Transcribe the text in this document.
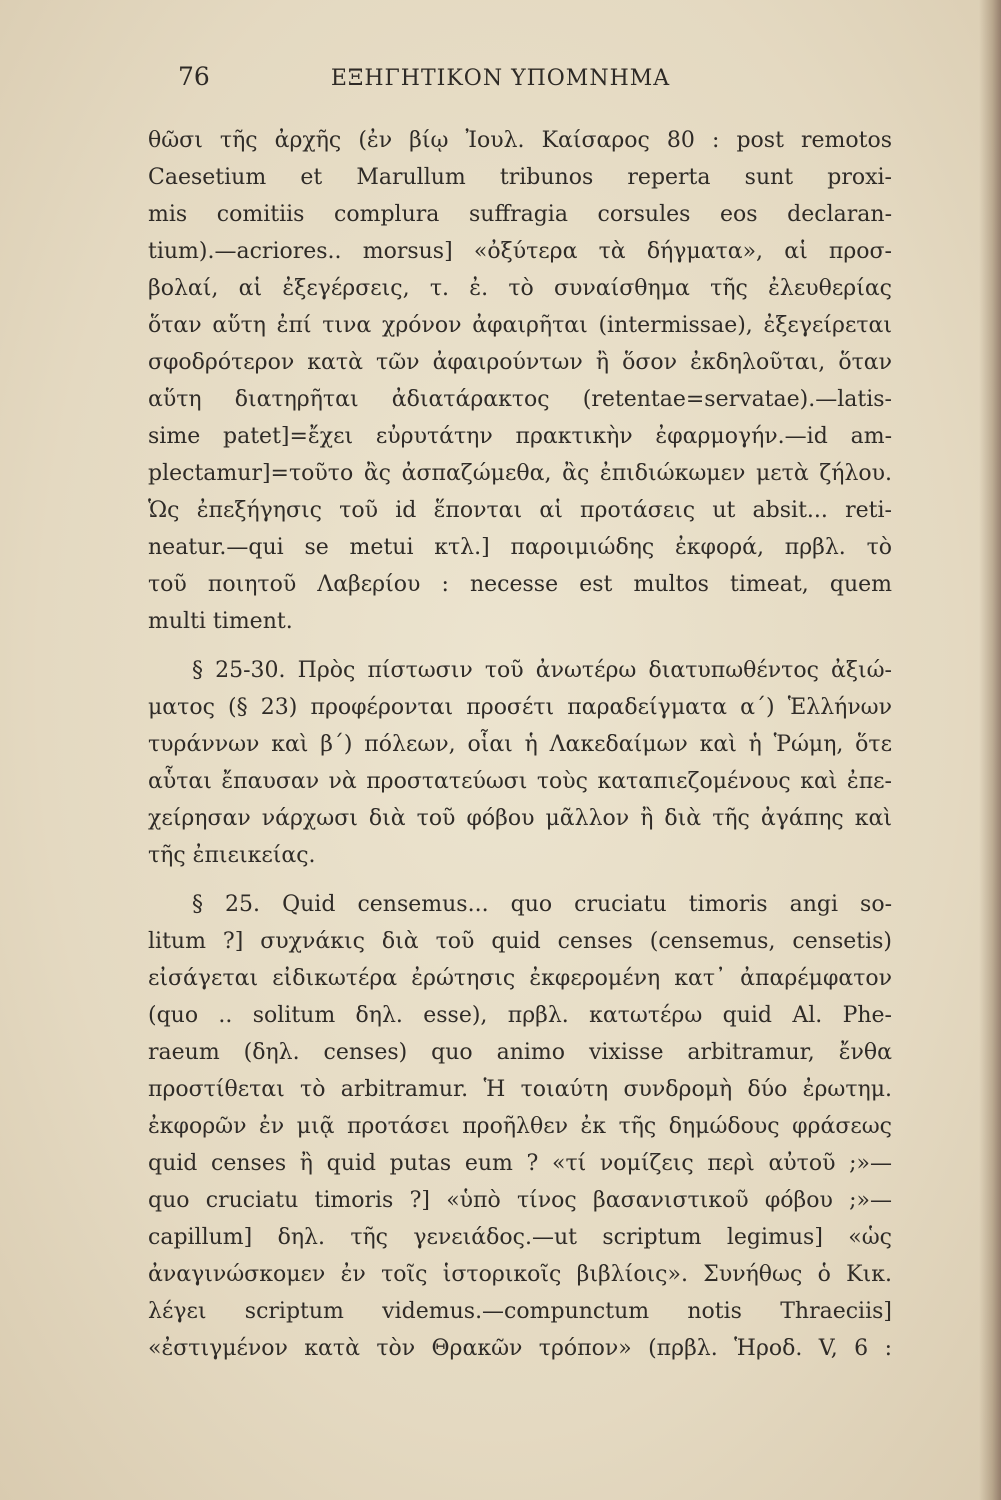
76	ΕΞΗΓΗΤΙΚΟΝ ΥΠΟΜΝΗΜΑ
θῶσι τῆς ἀρχῆς (ἐν βίῳ Ἰουλ. Καίσαρος 80 : post remotos
Caesetium et Marullum tribunos reperta sunt proxi-
mis comitiis complura suffragia corsules eos declaran-
tium).—acriores.. morsus] «ὀξύτερα τὰ δήγματα», αἱ προσ-
βολαί, αἱ ἐξεγέρσεις, τ. ἐ. τὸ συναίσθημα τῆς ἐλευθερίας
ὅταν αὕτη ἐπί τινα χρόνον ἀφαιρῆται (intermissae), ἐξεγείρεται
σφοδρότερον κατὰ τῶν ἀφαιρούντων ἢ ὅσον ἐκδηλοῦται, ὅταν
αὕτη διατηρῆται ἀδιατάρακτος (retentae=servatae).—latis-
sime patet]=ἔχει εὐρυτάτην πρακτικὴν ἐφαρμογήν.—id am-
plectamur]=τοῦτο ἂς ἀσπαζώμεθα, ἂς ἐπιδιώκωμεν μετὰ ζήλου.
Ὡς ἐπεξήγησις τοῦ id ἕπονται αἱ προτάσεις ut absit... reti-
neatur.—qui se metui κτλ.] παροιμιώδης ἐκφορά, πρβλ. τὸ
τοῦ ποιητοῦ Λαβερίου : necesse est multos timeat, quem
multi timent.
§ 25-30. Πρὸς πίστωσιν τοῦ ἀνωτέρω διατυπωθέντος ἀξιώ-
ματος (§ 23) προφέρονται προσέτι παραδείγματα α΄) Ἑλλήνων
τυράννων καὶ β΄) πόλεων, οἷαι ἡ Λακεδαίμων καὶ ἡ Ῥώμη, ὅτε
αὗται ἔπαυσαν νὰ προστατεύωσι τοὺς καταπιεζομένους καὶ ἐπε-
χείρησαν νάρχωσι διὰ τοῦ φόβου μᾶλλον ἢ διὰ τῆς ἀγάπης καὶ
τῆς ἐπιεικείας.
§ 25. Quid censemus... quo cruciatu timoris angi so-
litum ?] συχνάκις διὰ τοῦ quid censes (censemus, censetis)
εἰσάγεται εἰδικωτέρα ἐρώτησις ἐκφερομένη κατ᾽ ἀπαρέμφατον
(quo .. solitum δηλ. esse), πρβλ. κατωτέρω quid Al. Phe-
raeum (δηλ. censes) quo animo vixisse arbitramur, ἔνθα
προστίθεται τὸ arbitramur. Ἡ τοιαύτη συνδρομὴ δύο ἐρωτημ.
ἐκφορῶν ἐν μιᾷ προτάσει προῆλθεν ἐκ τῆς δημώδους φράσεως
quid censes ἢ quid putas eum ? «τί νομίζεις περὶ αὐτοῦ ;»—
quo cruciatu timoris ?] «ὑπὸ τίνος βασανιστικοῦ φόβου ;»—
capillum] δηλ. τῆς γενειάδος.—ut scriptum legimus] «ὡς
ἀναγινώσκομεν ἐν τοῖς ἱστορικοῖς βιβλίοις». Συνήθως ὁ Κικ.
λέγει scriptum videmus.—compunctum notis Thraeciis]
«ἐστιγμένον κατὰ τὸν Θρακῶν τρόπον» (πρβλ. Ἡροδ. V, 6 :
